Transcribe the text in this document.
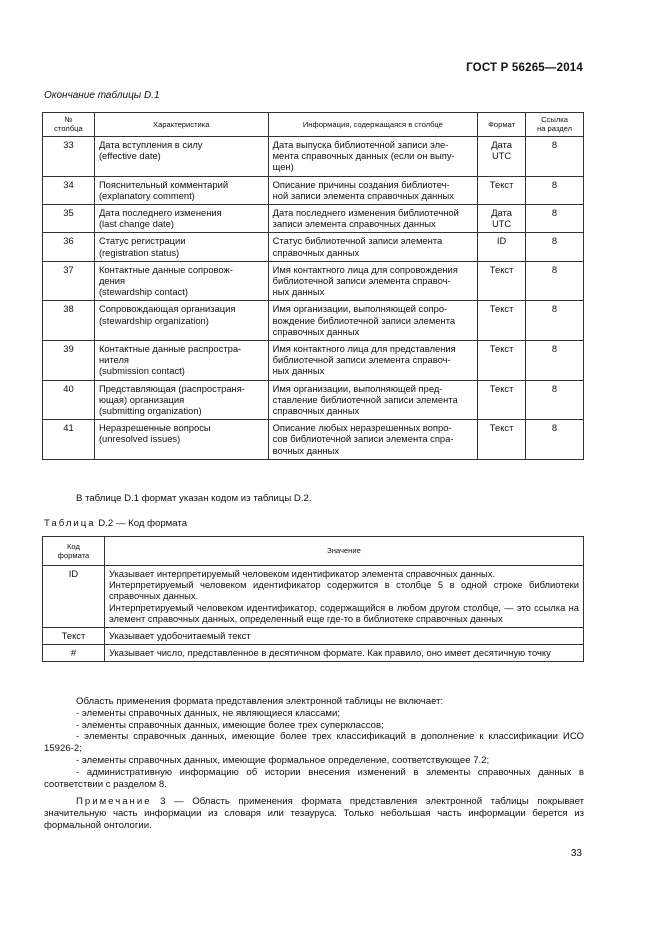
ГОСТ Р 56265—2014
Окончание таблицы D.1
№
столбца	Характеристика	Информация, содержащаяся в столбце	Формат	Ссылка
на раздел
33	Дата вступления в силу
(effective date)	Дата выпуска библиотечной записи эле-
мента справочных данных (если он выпу-
щен)	Дата
UTC	8
34	Пояснительный комментарий
(explanatory comment)	Описание причины создания библиотеч-
ной записи элемента справочных данных	Текст	8
35	Дата последнего изменения
(last change date)	Дата последнего изменения библиотечной
записи элемента справочных данных	Дата
UTC	8
36	Статус регистрации
(registration status)	Статус библиотечной записи элемента
справочных данных	ID	8
37	Контактные данные сопровож-
дения
(stewardship contact)	Имя контактного лица для сопровождения
библиотечной записи элемента справоч-
ных данных	Текст	8
38	Сопровождающая организация
(stewardship organization)	Имя организации, выполняющей сопро-
вождение библиотечной записи элемента
справочных данных	Текст	8
39	Контактные данные распростра-
нителя
(submission contact)	Имя контактного лица для представления
библиотечной записи элемента справоч-
ных данных	Текст	8
40	Представляющая (распространя-
ющая) организация
(submitting organization)	Имя организации, выполняющей пред-
ставление библиотечной записи элемента
справочных данных	Текст	8
41	Неразрешенные вопросы
(unresolved issues)	Описание любых неразрешенных вопро-
сов библиотечной записи элемента спра-
вочных данных	Текст	8
В таблице D.1 формат указан кодом из таблицы D.2.
Таблица D.2 — Код формата
Код
формата	Значение
ID	Указывает интерпретируемый человеком идентификатор элемента справочных данных.
Интерпретируемый человеком идентификатор содержится в столбце 5 в одной строке библиотеки справочных данных.
Интерпретируемый человеком идентификатор, содержащийся в любом другом столбце, — это ссылка на элемент справочных данных, определенный еще где-то в библиотеке справочных данных
Текст	Указывает удобочитаемый текст
#	Указывает число, представленное в десятичном формате. Как правило, оно имеет десятичную точку

Область применения формата представления электронной таблицы не включает:

- элементы справочных данных, не являющиеся классами;

- элементы справочных данных, имеющие более трех суперклассов;

- элементы справочных данных, имеющие более трех классификаций в дополнение к классификации ИСО 15926-2;

- элементы справочных данных, имеющие формальное определение, соответствующее 7.2;

- административную информацию об истории внесения изменений в элементы справочных данных в соответствии с разделом 8.

Примечание 3 — Область применения формата представления электронной таблицы покрывает значительную часть информации из словаря или тезауруса. Только небольшая часть информации берется из формальной онтологии.

33
